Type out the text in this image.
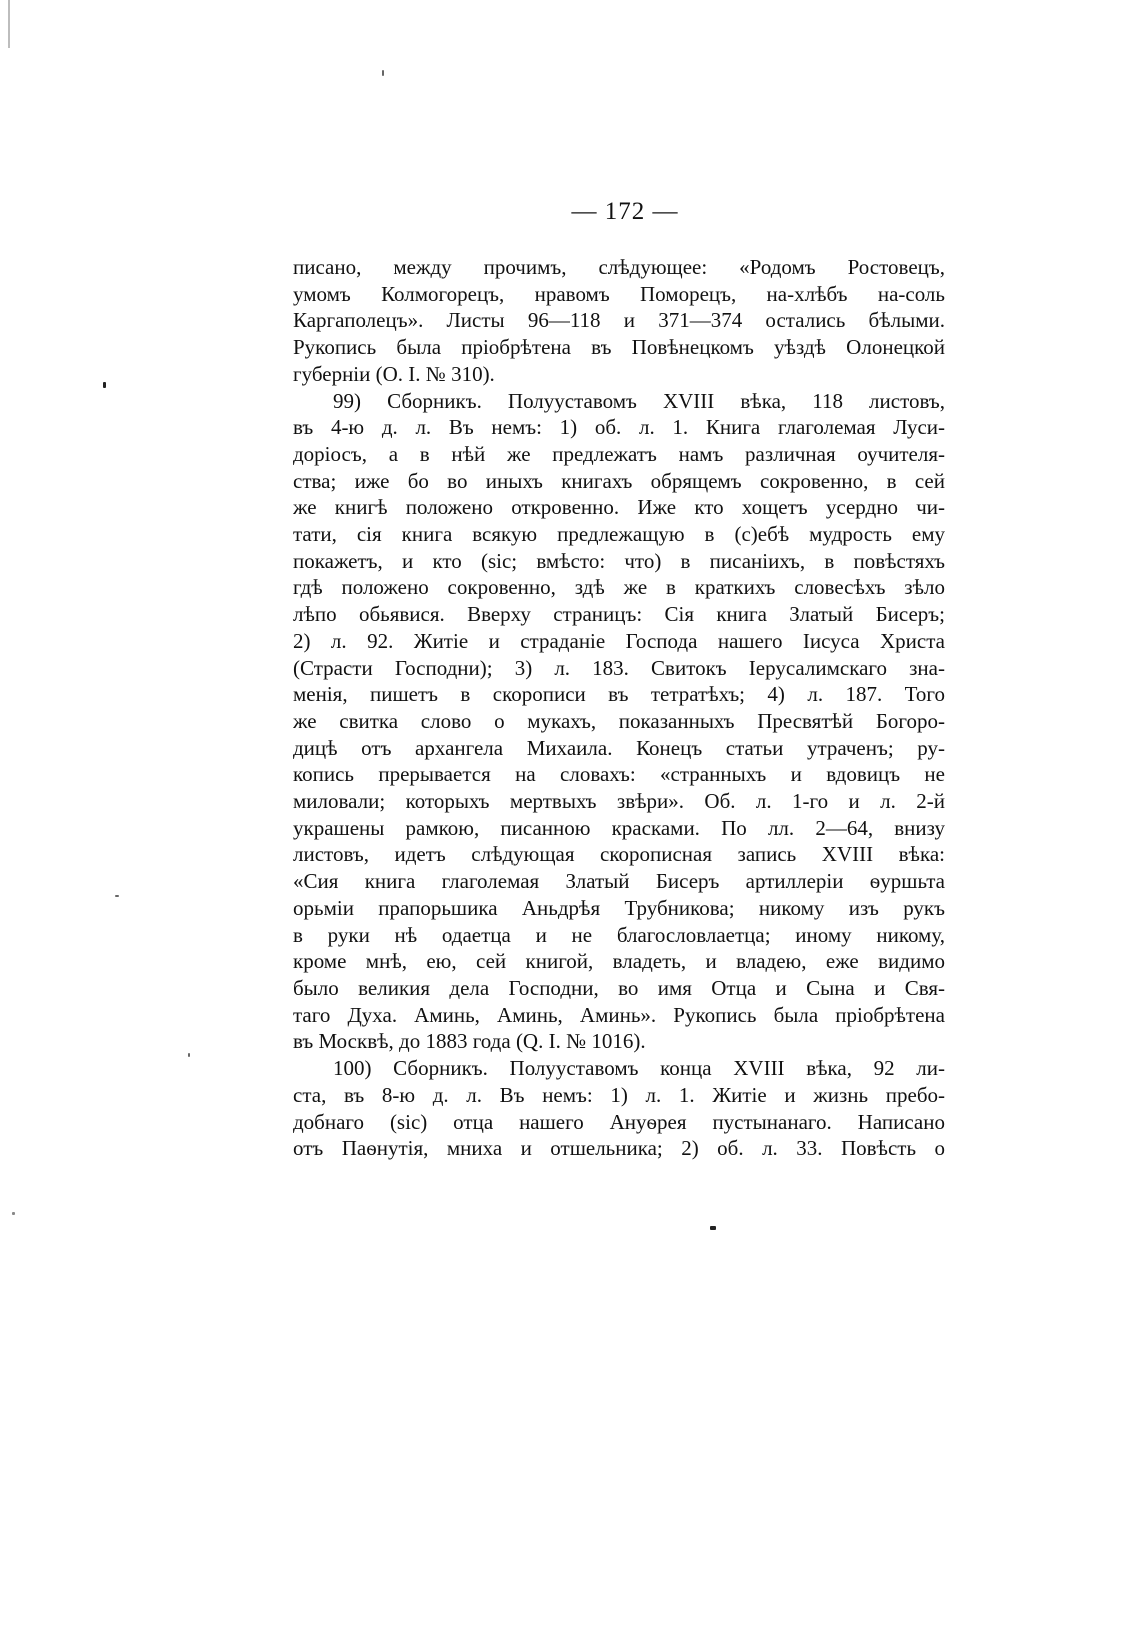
— 172 —
писано, между прочимъ, слѣдующее: «Родомъ Ростовецъ,
умомъ Колмогорецъ, нравомъ Поморецъ, на-хлѣбъ на-соль
Каргаполецъ». Листы 96—118 и 371—374 остались бѣлыми.
Рукопись была пріобрѣтена въ Повѣнецкомъ уѣздѣ Олонецкой
губерніи (О. I. № 310).
99) Сборникъ. Полууставомъ XVIII вѣка, 118 листовъ,
въ 4-ю д. л. Въ немъ: 1) об. л. 1. Книга глаголемая Луси-
доріосъ, а в нѣй же предлежатъ намъ различная оучителя-
ства; иже бо во иныхъ книгахъ обрящемъ сокровенно, в сей
же книгѣ положено откровенно. Иже кто хощетъ усердно чи-
тати, сія книга всякую предлежащую в (с)ебѣ мудрость ему
покажетъ, и кто (sic; вмѣсто: что) в писаніихъ, в повѣстяхъ
гдѣ положено сокровенно, здѣ же в краткихъ словесѣхъ зѣло
лѣпо обьявися. Вверху страницъ: Сія книга Златый Бисеръ;
2) л. 92. Житіе и страданіе Господа нашего Іисуса Христа
(Страсти Господни); 3) л. 183. Свитокъ Іерусалимскаго зна-
менія, пишетъ в скорописи въ тетратѣхъ; 4) л. 187. Того
же свитка слово о мукахъ, показанныхъ Пресвятѣй Богоро-
дицѣ отъ архангела Михаила. Конецъ статьи утраченъ; ру-
копись прерывается на словахъ: «странныхъ и вдовицъ не
миловали; которыхъ мертвыхъ звѣри». Об. л. 1-го и л. 2-й
украшены рамкою, писанною красками. По лл. 2—64, внизу
листовъ, идетъ слѣдующая скорописная запись XVIII вѣка:
«Сия книга глаголемая Златый Бисеръ артиллеріи ѳуршьта
орьміи прапорьшика Аньдрѣя Трубникова; никому изъ рукъ
в руки нѣ одаетца и не благословлаетца; иному никому,
кроме мнѣ, ею, сей книгой, владеть, и владею, еже видимо
было великия дела Господни, во имя Отца и Сына и Свя-
таго Духа. Аминь, Аминь, Аминь». Рукопись была пріобрѣтена
въ Москвѣ, до 1883 года (Q. I. № 1016).
100) Сборникъ. Полууставомъ конца XVIII вѣка, 92 ли-
ста, въ 8-ю д. л. Въ немъ: 1) л. 1. Житіе и жизнь пребо-
добнаго (sic) отца нашего Ануѳрея пустынанаго. Написано
отъ Паѳнутія, мниха и отшельника; 2) об. л. 33. Повѣсть о
